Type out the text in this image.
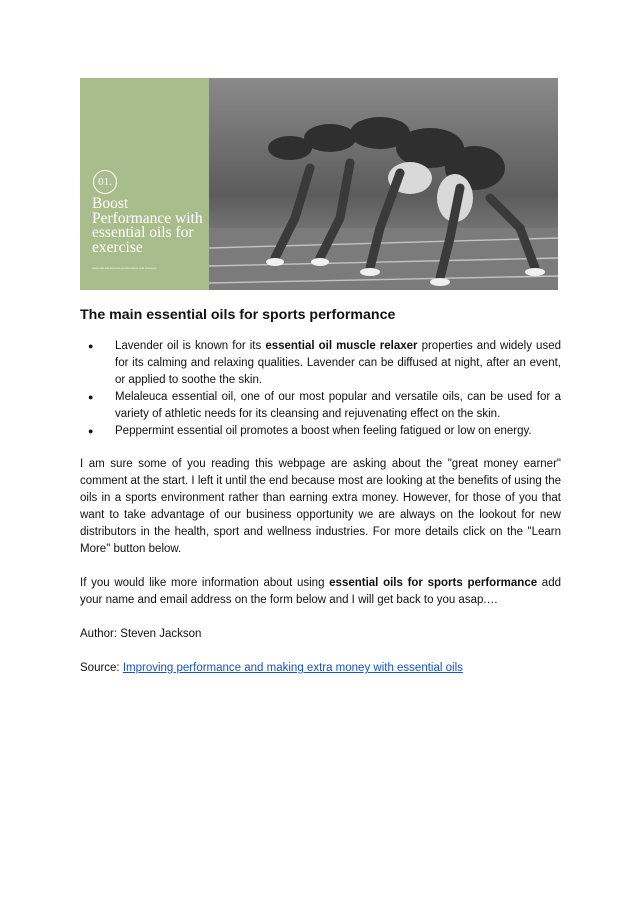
01.
Boost Performance with essential oils for exercise
essential oils improve performance and recovery
The main essential oils for sports performance
● Lavender oil is known for its essential oil muscle relaxer properties and widely used for its calming and relaxing qualities. Lavender can be diffused at night, after an event, or applied to soothe the skin.
● Melaleuca essential oil, one of our most popular and versatile oils, can be used for a variety of athletic needs for its cleansing and rejuvenating effect on the skin.
● Peppermint essential oil promotes a boost when feeling fatigued or low on energy.

I am sure some of you reading this webpage are asking about the "great money earner" comment at the start. I left it until the end because most are looking at the benefits of using the oils in a sports environment rather than earning extra money. However, for those of you that want to take advantage of our business opportunity we are always on the lookout for new distributors in the health, sport and wellness industries. For more details click on the "Learn More" button below.

If you would like more information about using essential oils for sports performance add your name and email address on the form below and I will get back to you asap.…

Author: Steven Jackson

Source: Improving performance and making extra money with essential oils
